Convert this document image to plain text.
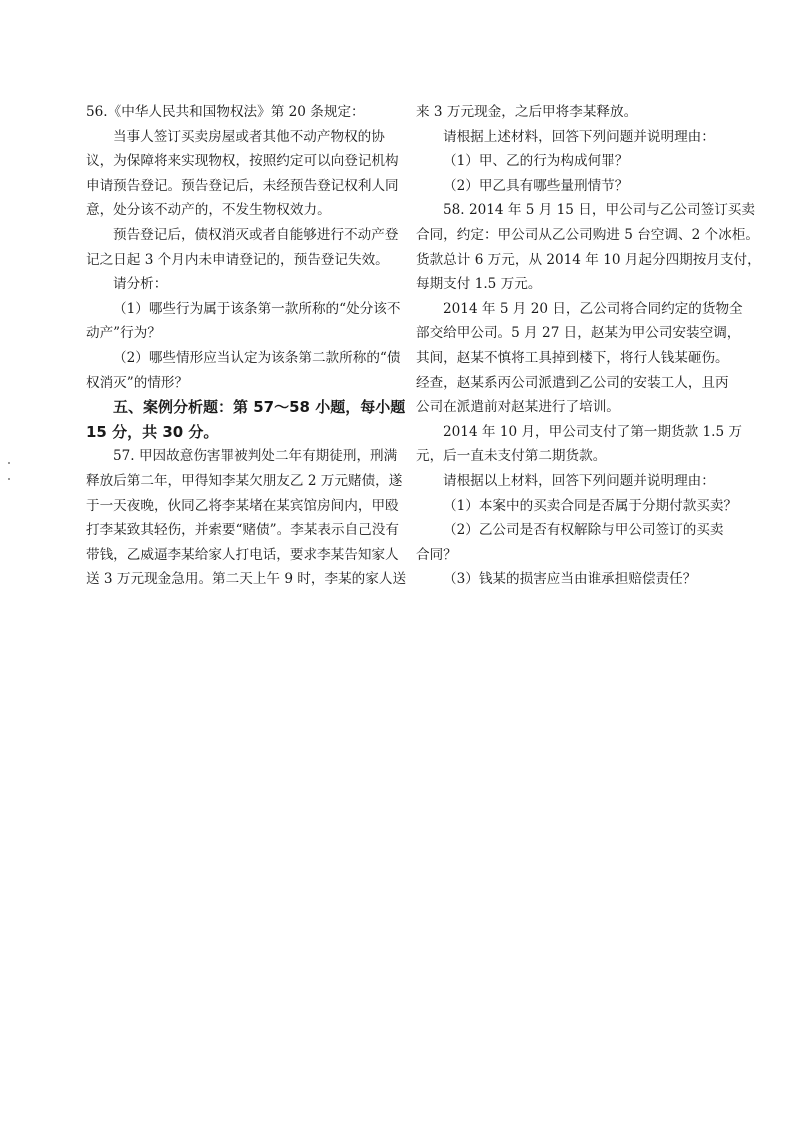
56.《中华人民共和国物权法》第 20 条规定：
当事人签订买卖房屋或者其他不动产物权的协
议，为保障将来实现物权，按照约定可以向登记机构
申请预告登记。预告登记后，未经预告登记权利人同
意，处分该不动产的，不发生物权效力。
预告登记后，债权消灭或者自能够进行不动产登
记之日起 3 个月内未申请登记的，预告登记失效。
请分析：
（1）哪些行为属于该条第一款所称的“处分该不
动产”行为？
（2）哪些情形应当认定为该条第二款所称的“债
权消灭”的情形？
五、案例分析题：第 57～58 小题，每小题
15 分，共 30 分。
57. 甲因故意伤害罪被判处二年有期徒刑，刑满
释放后第二年，甲得知李某欠朋友乙 2 万元赌债，遂
于一天夜晚，伙同乙将李某堵在某宾馆房间内，甲殴
打李某致其轻伤，并索要“赌债”。李某表示自己没有
带钱，乙威逼李某给家人打电话，要求李某告知家人
送 3 万元现金急用。第二天上午 9 时，李某的家人送
来 3 万元现金，之后甲将李某释放。
请根据上述材料，回答下列问题并说明理由：
（1）甲、乙的行为构成何罪？
（2）甲乙具有哪些量刑情节？
58. 2014 年 5 月 15 日，甲公司与乙公司签订买卖
合同，约定：甲公司从乙公司购进 5 台空调、2 个冰柜。
货款总计 6 万元，从 2014 年 10 月起分四期按月支付，
每期支付 1.5 万元。
2014 年 5 月 20 日，乙公司将合同约定的货物全
部交给甲公司。5 月 27 日，赵某为甲公司安装空调，
其间，赵某不慎将工具掉到楼下，将行人钱某砸伤。
经查，赵某系丙公司派遣到乙公司的安装工人，且丙
公司在派遣前对赵某进行了培训。
2014 年 10 月，甲公司支付了第一期货款 1.5 万
元，后一直未支付第二期货款。
请根据以上材料，回答下列问题并说明理由：
（1）本案中的买卖合同是否属于分期付款买卖？
（2）乙公司是否有权解除与甲公司签订的买卖
合同？
（3）钱某的损害应当由谁承担赔偿责任？
